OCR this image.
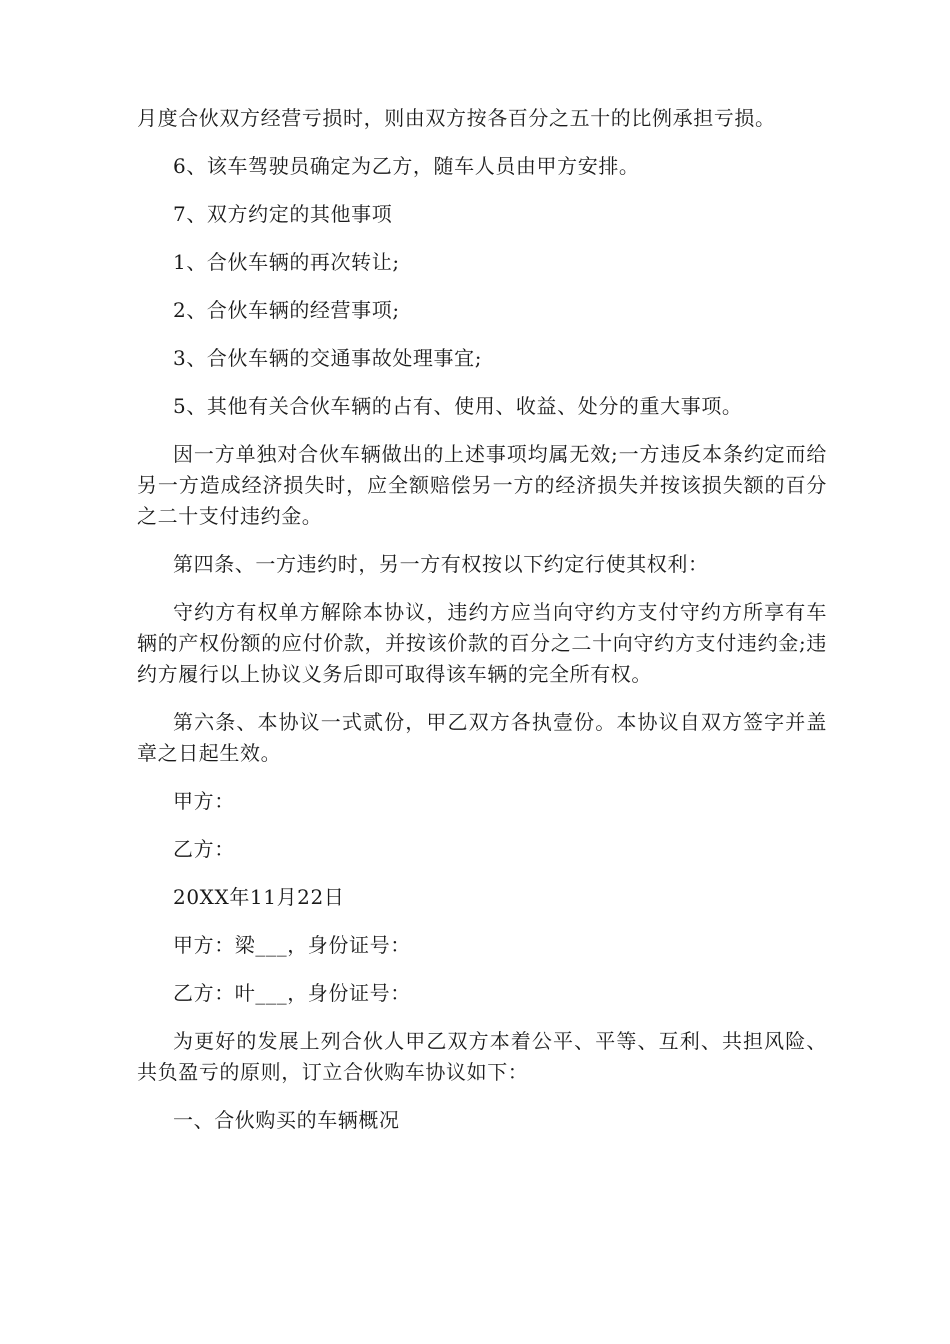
月度合伙双方经营亏损时，则由双方按各百分之五十的比例承担亏损。

6、该车驾驶员确定为乙方，随车人员由甲方安排。

7、双方约定的其他事项

1、合伙车辆的再次转让;

2、合伙车辆的经营事项;

3、合伙车辆的交通事故处理事宜;

5、其他有关合伙车辆的占有、使用、收益、处分的重大事项。

因一方单独对合伙车辆做出的上述事项均属无效;一方违反本条约定而给另一方造成经济损失时，应全额赔偿另一方的经济损失并按该损失额的百分之二十支付违约金。

第四条、一方违约时，另一方有权按以下约定行使其权利：

守约方有权单方解除本协议，违约方应当向守约方支付守约方所享有车辆的产权份额的应付价款，并按该价款的百分之二十向守约方支付违约金;违约方履行以上协议义务后即可取得该车辆的完全所有权。

第六条、本协议一式贰份，甲乙双方各执壹份。本协议自双方签字并盖章之日起生效。

甲方：

乙方：

20XX年11月22日

甲方：梁___，身份证号：

乙方：叶___，身份证号：

为更好的发展上列合伙人甲乙双方本着公平、平等、互利、共担风险、共负盈亏的原则，订立合伙购车协议如下：

一、合伙购买的车辆概况
